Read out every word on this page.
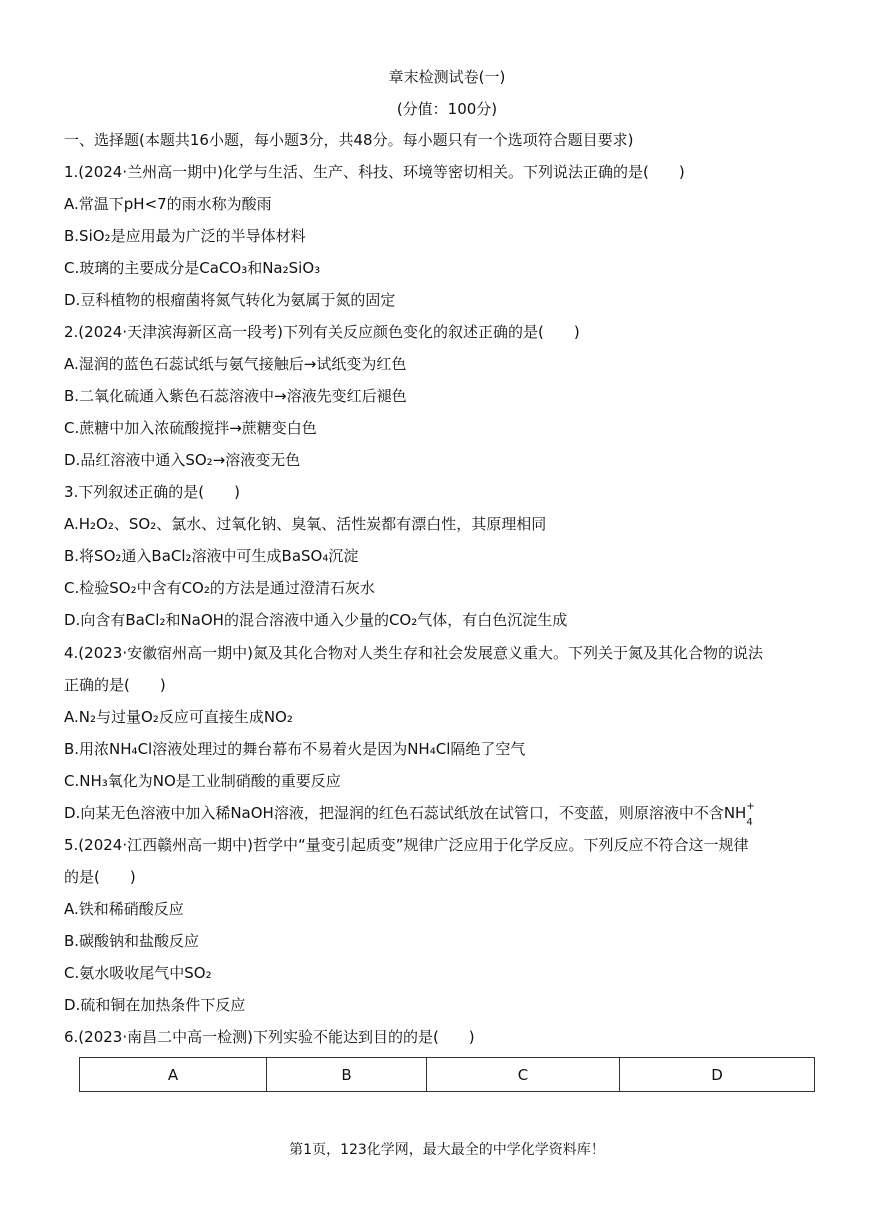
章末检测试卷(一)
(分值：100分)
一、选择题(本题共16小题，每小题3分，共48分。每小题只有一个选项符合题目要求)
1.(2024·兰州高一期中)化学与生活、生产、科技、环境等密切相关。下列说法正确的是(　　)
A.常温下pH<7的雨水称为酸雨
B.SiO₂是应用最为广泛的半导体材料
C.玻璃的主要成分是CaCO₃和Na₂SiO₃
D.豆科植物的根瘤菌将氮气转化为氨属于氮的固定
2.(2024·天津滨海新区高一段考)下列有关反应颜色变化的叙述正确的是(　　)
A.湿润的蓝色石蕊试纸与氨气接触后→试纸变为红色
B.二氧化硫通入紫色石蕊溶液中→溶液先变红后褪色
C.蔗糖中加入浓硫酸搅拌→蔗糖变白色
D.品红溶液中通入SO₂→溶液变无色
3.下列叙述正确的是(　　)
A.H₂O₂、SO₂、氯水、过氧化钠、臭氧、活性炭都有漂白性，其原理相同
B.将SO₂通入BaCl₂溶液中可生成BaSO₄沉淀
C.检验SO₂中含有CO₂的方法是通过澄清石灰水
D.向含有BaCl₂和NaOH的混合溶液中通入少量的CO₂气体，有白色沉淀生成
4.(2023·安徽宿州高一期中)氮及其化合物对人类生存和社会发展意义重大。下列关于氮及其化合物的说法
正确的是(　　)
A.N₂与过量O₂反应可直接生成NO₂
B.用浓NH₄Cl溶液处理过的舞台幕布不易着火是因为NH₄Cl隔绝了空气
C.NH₃氧化为NO是工业制硝酸的重要反应
D.向某无色溶液中加入稀NaOH溶液，把湿润的红色石蕊试纸放在试管口，不变蓝，则原溶液中不含NH +
4
5.(2024·江西赣州高一期中)哲学中“量变引起质变”规律广泛应用于化学反应。下列反应不符合这一规律
的是(　　)
A.铁和稀硝酸反应
B.碳酸钠和盐酸反应
C.氨水吸收尾气中SO₂
D.硫和铜在加热条件下反应
6.(2023·南昌二中高一检测)下列实验不能达到目的的是(　　)
A	B	C	D
第1页，123化学网，最大最全的中学化学资料库！
